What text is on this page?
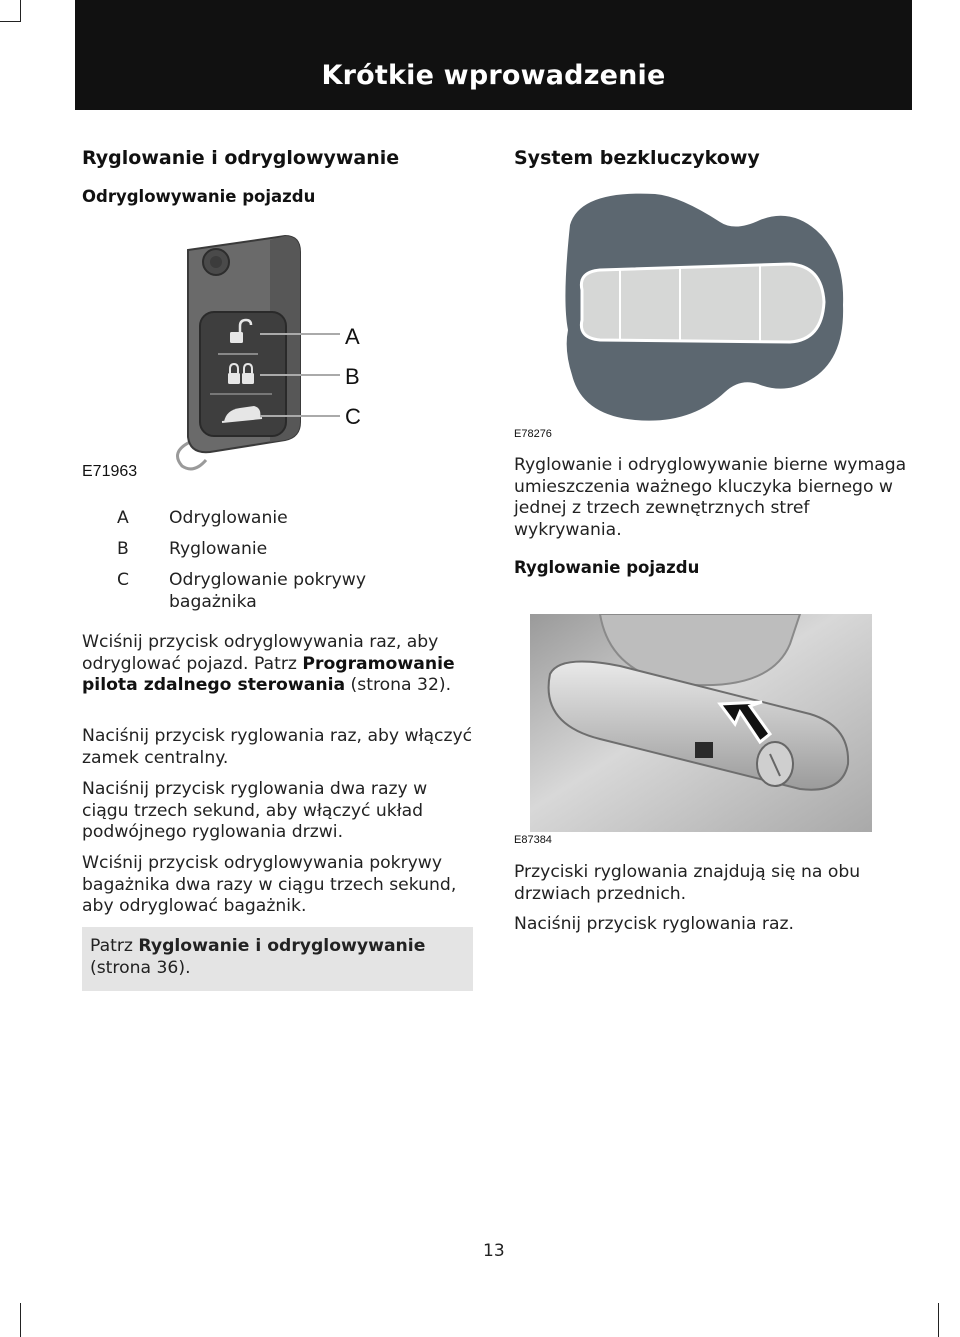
Krótkie wprowadzenie
Ryglowanie i odryglowywanie
Odryglowywanie pojazdu
A
B
C
E71963
A Odryglowanie
B Ryglowanie
C Odryglowanie pokrywy bagażnika

Wciśnij przycisk odryglowywania raz, aby odryglować pojazd. Patrz Programowanie pilota zdalnego sterowania (strona 32).

Naciśnij przycisk ryglowania raz, aby włączyć zamek centralny.

Naciśnij przycisk ryglowania dwa razy w ciągu trzech sekund, aby włączyć układ podwójnego ryglowania drzwi.

Wciśnij przycisk odryglowywania pokrywy bagażnika dwa razy w ciągu trzech sekund, aby odryglować bagażnik.

Patrz Ryglowanie i odryglowywanie (strona 36).
System bezkluczykowy
E78276

Ryglowanie i odryglowywanie bierne wymaga umieszczenia ważnego kluczyka biernego w jednej z trzech zewnętrznych stref wykrywania.

Ryglowanie pojazdu
E87384

Przyciski ryglowania znajdują się na obu drzwiach przednich.

Naciśnij przycisk ryglowania raz.

13
